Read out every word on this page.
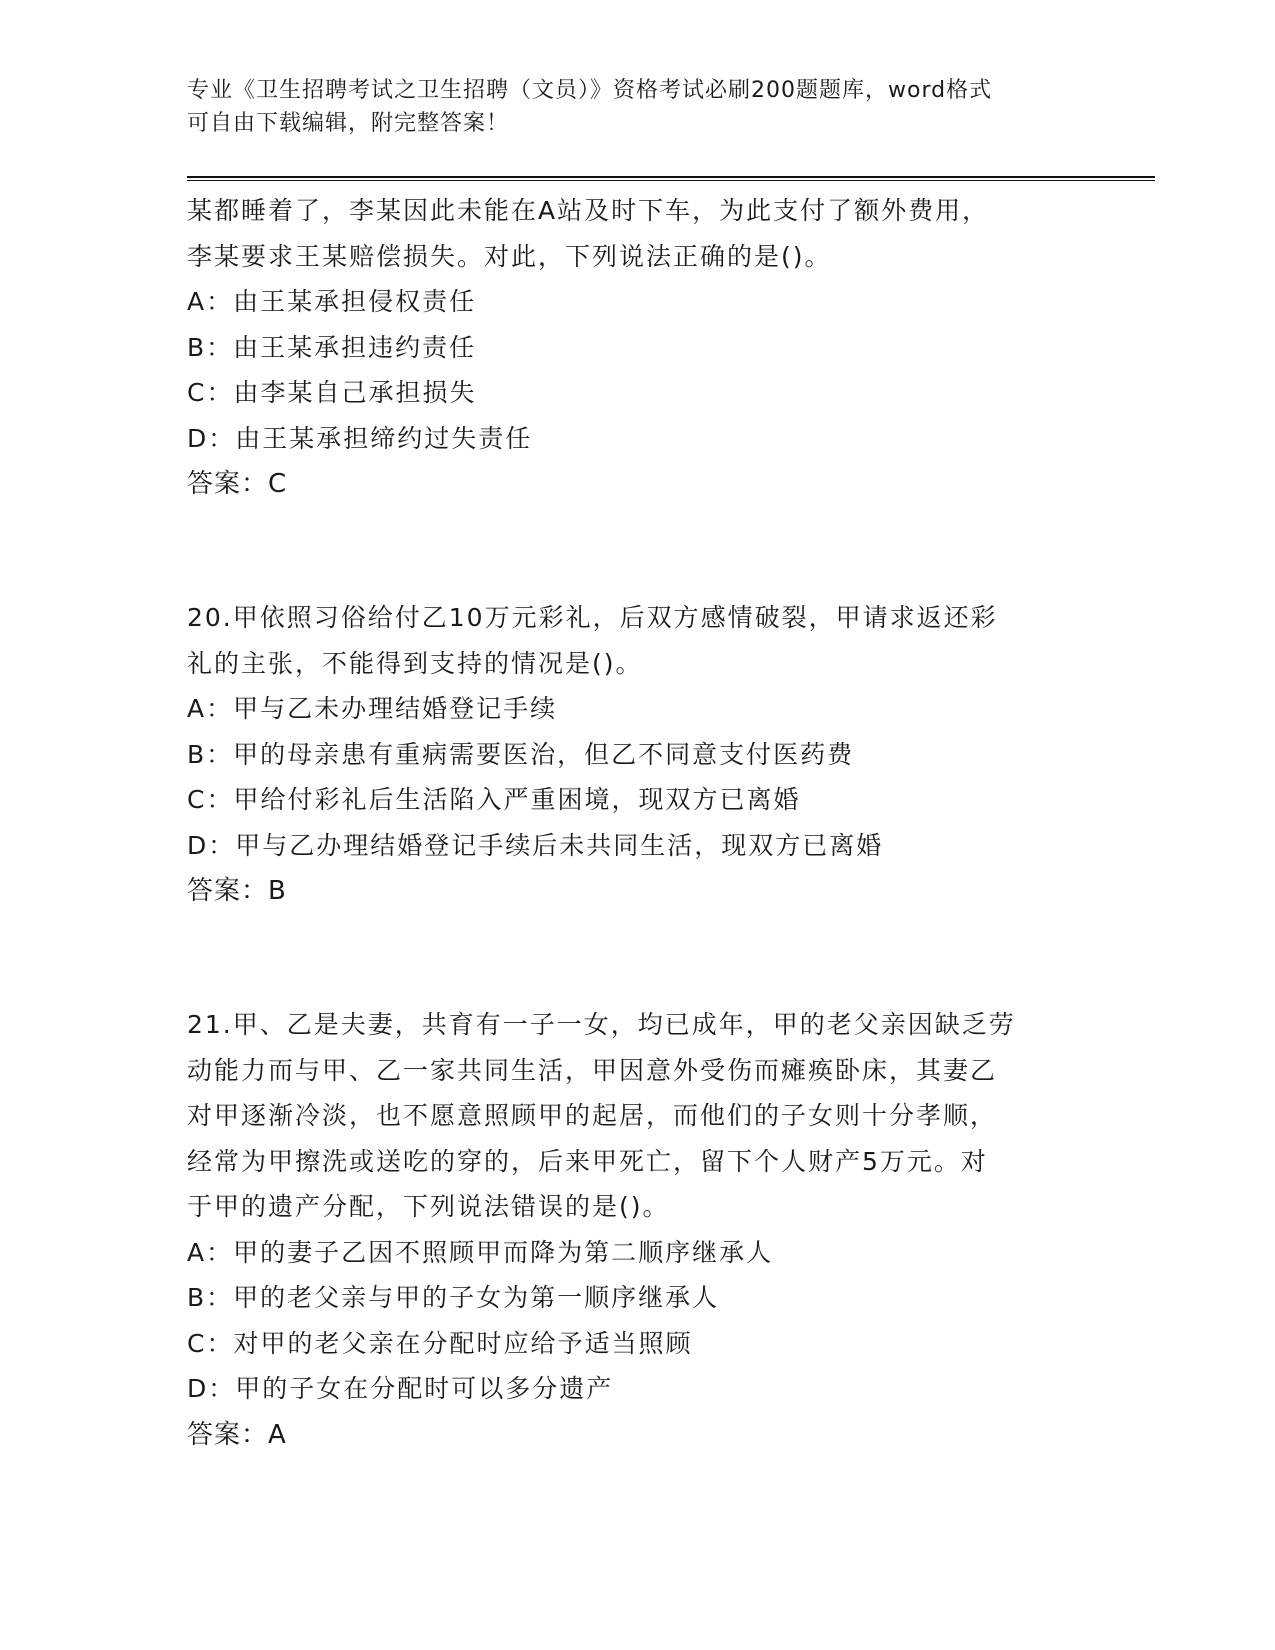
专业《卫生招聘考试之卫生招聘（文员）》资格考试必刷200题题库，word格式
可自由下载编辑，附完整答案！
某都睡着了，李某因此未能在A站及时下车，为此支付了额外费用，
李某要求王某赔偿损失。对此，下列说法正确的是()。
A：由王某承担侵权责任
B：由王某承担违约责任
C：由李某自己承担损失
D：由王某承担缔约过失责任
答案：C
20.甲依照习俗给付乙10万元彩礼，后双方感情破裂，甲请求返还彩
礼的主张，不能得到支持的情况是()。
A：甲与乙未办理结婚登记手续
B：甲的母亲患有重病需要医治，但乙不同意支付医药费
C：甲给付彩礼后生活陷入严重困境，现双方已离婚
D：甲与乙办理结婚登记手续后未共同生活，现双方已离婚
答案：B
21.甲、乙是夫妻，共育有一子一女，均已成年，甲的老父亲因缺乏劳
动能力而与甲、乙一家共同生活，甲因意外受伤而瘫痪卧床，其妻乙
对甲逐渐冷淡，也不愿意照顾甲的起居，而他们的子女则十分孝顺，
经常为甲擦洗或送吃的穿的，后来甲死亡，留下个人财产5万元。对
于甲的遗产分配，下列说法错误的是()。
A：甲的妻子乙因不照顾甲而降为第二顺序继承人
B：甲的老父亲与甲的子女为第一顺序继承人
C：对甲的老父亲在分配时应给予适当照顾
D：甲的子女在分配时可以多分遗产
答案：A
